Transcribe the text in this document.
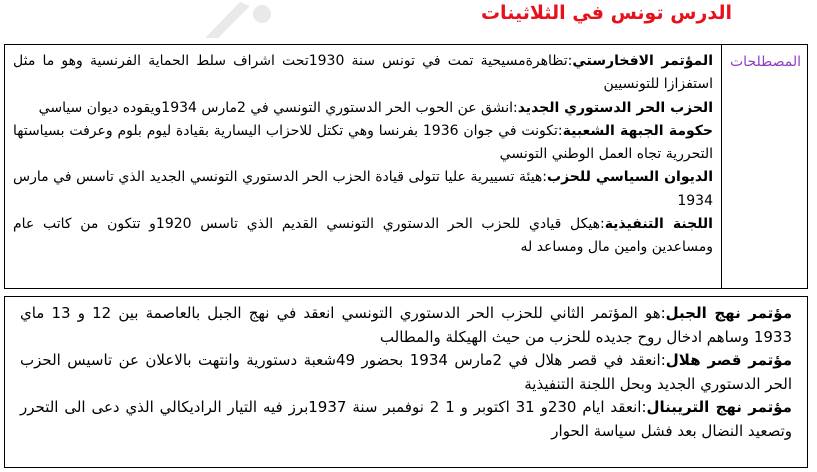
الدرس تونس في الثلاثينات
المصطلحات

المؤتمر الافخارستي:تظاهرةمسيحية تمت في تونس سنة 1930تحت اشراف سلط الحماية الفرنسية وهو ما مثل استفزازا للتونسيين

الحزب الحر الدستوري الجديد:انشق عن الحوب الحر الدستوري التونسي في 2مارس 1934ويقوده ديوان سياسي

حكومة الجبهة الشعبية:تكونت في جوان 1936 بفرنسا وهي تكتل للاحزاب اليسارية بقيادة ليوم بلوم وعرفت بسياستها التحررية تجاه العمل الوطني التونسي

الديوان السياسي للحزب:هيئة تسييرية عليا تتولى قيادة الحزب الحر الدستوري التونسي الجديد الذي تاسس في مارس 1934

اللجنة التنفيذية:هيكل قيادي للحزب الحر الدستوري التونسي القديم الذي تاسس 1920و تتكون من كاتب عام ومساعدين وامين مال ومساعد له

مؤتمر نهج الجبل:هو المؤتمر الثاني للحزب الحر الدستوري التونسي انعقد في نهج الجبل بالعاصمة بين 12 و 13 ماي 1933 وساهم ادخال روح جديده للحزب من حيث الهيكلة والمطالب

مؤتمر قصر هلال:انعقد في قصر هلال في 2مارس 1934 بحضور 49شعبة دستورية وانتهت بالاعلان عن تاسيس الحزب الحر الدستوري الجديد وبحل اللجنة التنفيذية

مؤتمر نهج التريبنال:انعقد ايام 230و 31 اكتوبر و 1 2 نوفمبر سنة 1937برز فيه التيار الراديكالي الذي دعى الى التحرر وتصعيد النضال بعد فشل سياسة الحوار
